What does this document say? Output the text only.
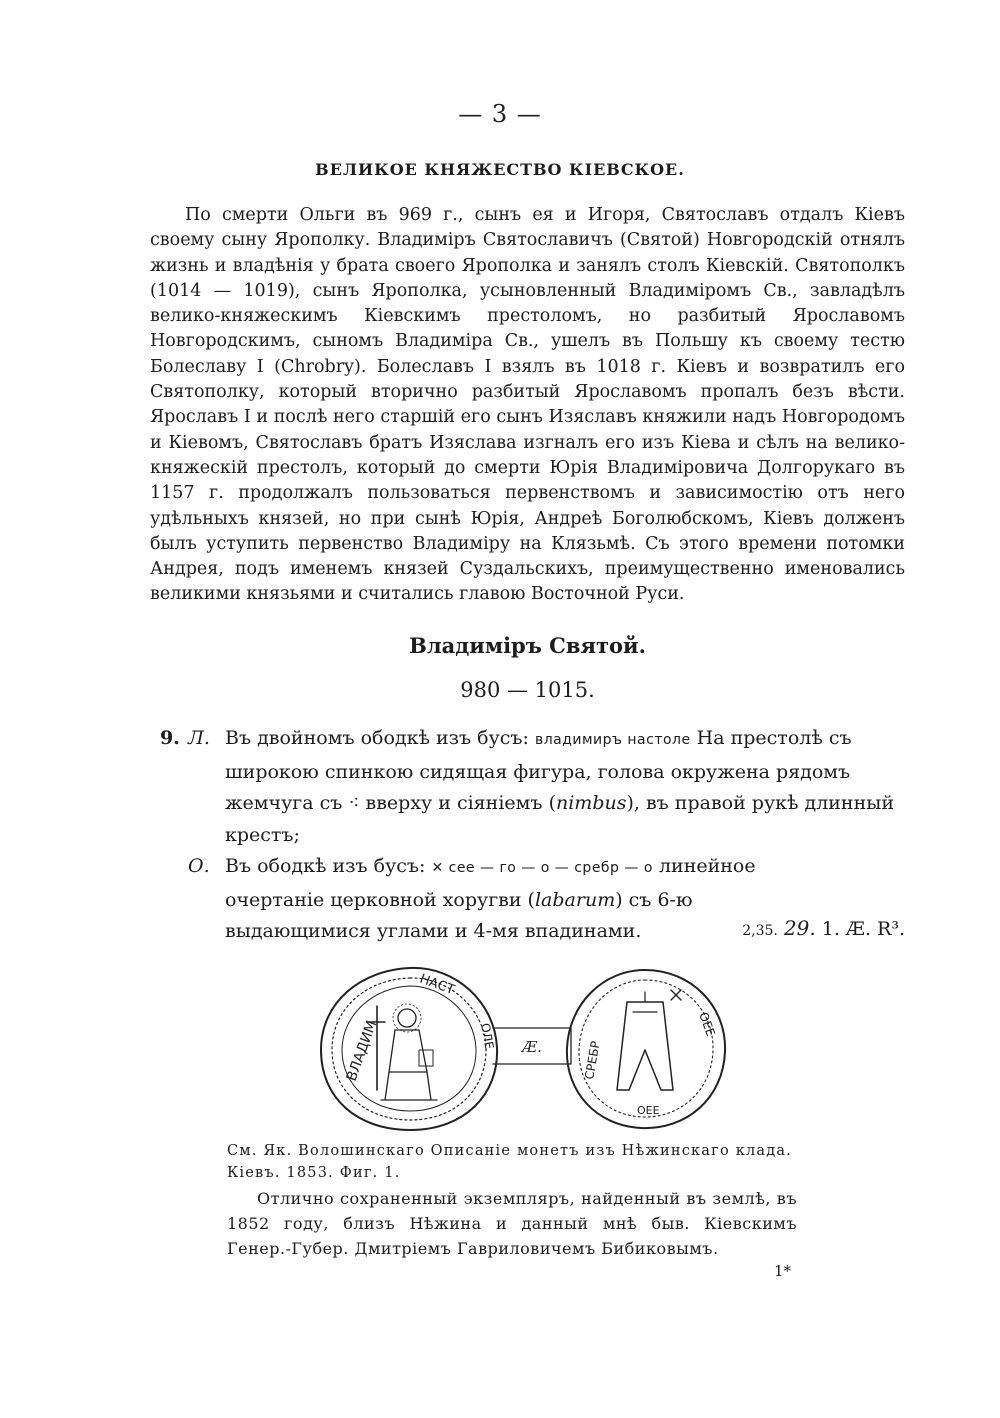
— 3 —
ВЕЛИКОЕ КНЯЖЕСТВО КІЕВСКОЕ.

По смерти Ольги въ 969 г., сынъ ея и Игоря, Святославъ отдалъ Кіевъ своему сыну Ярополку. Владиміръ Святославичъ (Святой) Новгородскій отнялъ жизнь и владѣнія у брата своего Ярополка и занялъ столъ Кіевскій. Святополкъ (1014 — 1019), сынъ Ярополка, усыновленный Владиміромъ Св., завладѣлъ велико-княжескимъ Кіевскимъ престоломъ, но разбитый Ярославомъ Новгородскимъ, сыномъ Владиміра Св., ушелъ въ Польшу къ своему тестю Болеславу I (Chrobry). Болеславъ I взялъ въ 1018 г. Кіевъ и возвратилъ его Святополку, который вторично разбитый Ярославомъ пропалъ безъ вѣсти. Ярославъ I и послѣ него старшій его сынъ Изяславъ княжили надъ Новгородомъ и Кіевомъ, Святославъ братъ Изяслава изгналъ его изъ Кіева и сѣлъ на велико-княжескій престолъ, который до смерти Юрія Владиміровича Долгорукаго въ 1157 г. продолжалъ пользоваться первенствомъ и зависимостію отъ него удѣльныхъ князей, но при сынѣ Юрія, Андреѣ Боголюбскомъ, Кіевъ долженъ былъ уступить первенство Владиміру на Клязьмѣ. Съ этого времени потомки Андрея, подъ именемъ князей Суздальскихъ, преимущественно именовались великими князьями и считались главою Восточной Руси.

Владиміръ Святой.
980 — 1015.
9. Л. Въ двойномъ ободкѣ изъ бусъ: владимиръ настоле На престолѣ съ широкою спинкою сидящая фигура, голова окружена рядомъ жемчуга съ ⁖ вверху и сіяніемъ (nimbus), въ правой рукѣ длинный крестъ;
О. Въ ободкѣ изъ бусъ: ✕ сее — го — о — сребр — о линейное очертаніе церковной хоругви (labarum) съ 6-ю выдающимися углами и 4-мя впадинами.	2,35. 29. 1. Æ. R³.
ВЛАДИМ
НАСТ
ОЛЕ Æ.	СРЕБР
ОЕЕ
ОЕЕ

См. Як. Волошинскаго Описаніе монетъ изъ Нѣжинскаго клада.

Кіевъ. 1853. Фиг. 1.

Отлично сохраненный экземпляръ, найденный въ землѣ, въ 1852 году, близъ Нѣжина и данный мнѣ быв. Кіевскимъ Генер.-Губер. Дмитріемъ Гавриловичемъ Бибиковымъ.

1*
